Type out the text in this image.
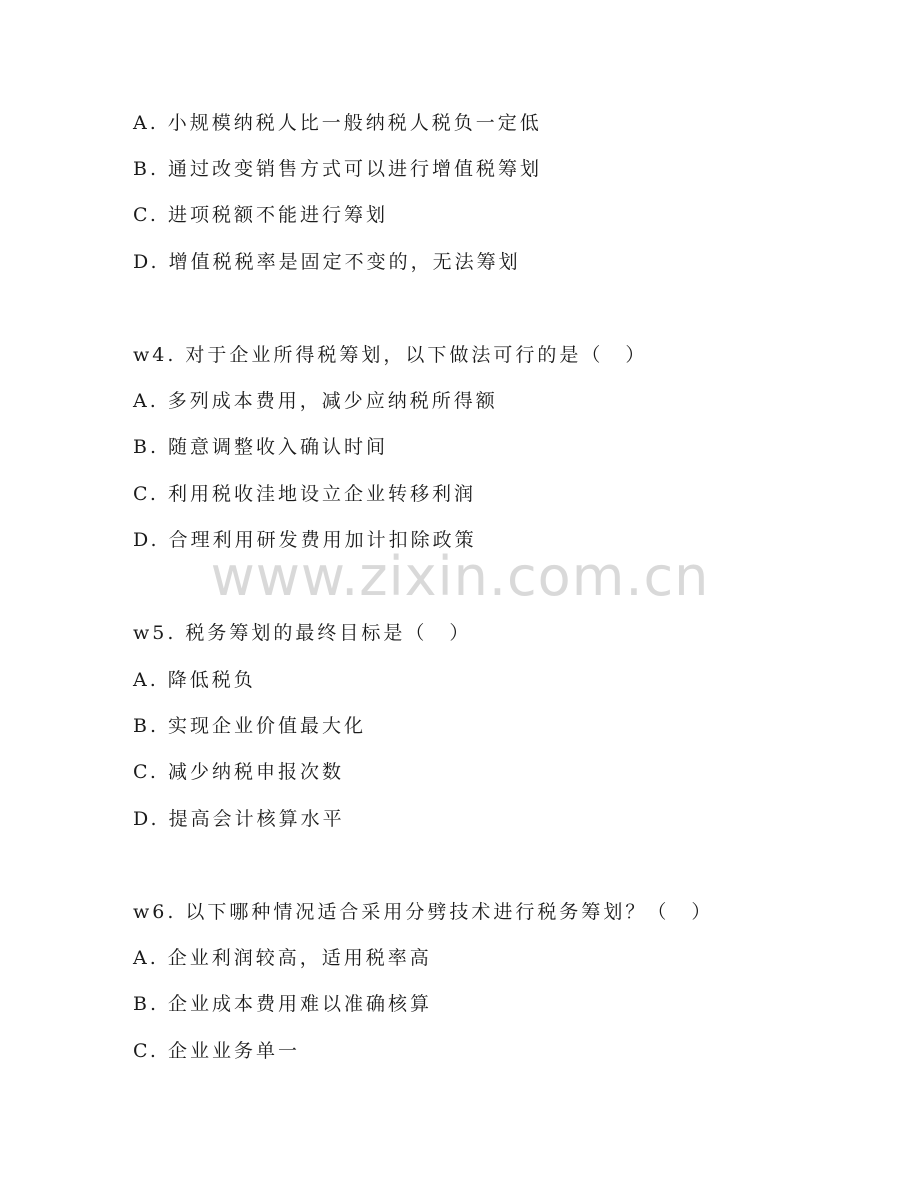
www.zixin.com.cn
A. 小规模纳税人比一般纳税人税负一定低
B. 通过改变销售方式可以进行增值税筹划
C. 进项税额不能进行筹划
D. 增值税税率是固定不变的，无法筹划
w4. 对于企业所得税筹划，以下做法可行的是（　）
A. 多列成本费用，减少应纳税所得额
B. 随意调整收入确认时间
C. 利用税收洼地设立企业转移利润
D. 合理利用研发费用加计扣除政策
w5. 税务筹划的最终目标是（　）
A. 降低税负
B. 实现企业价值最大化
C. 减少纳税申报次数
D. 提高会计核算水平
w6. 以下哪种情况适合采用分劈技术进行税务筹划？（　）
A. 企业利润较高，适用税率高
B. 企业成本费用难以准确核算
C. 企业业务单一
